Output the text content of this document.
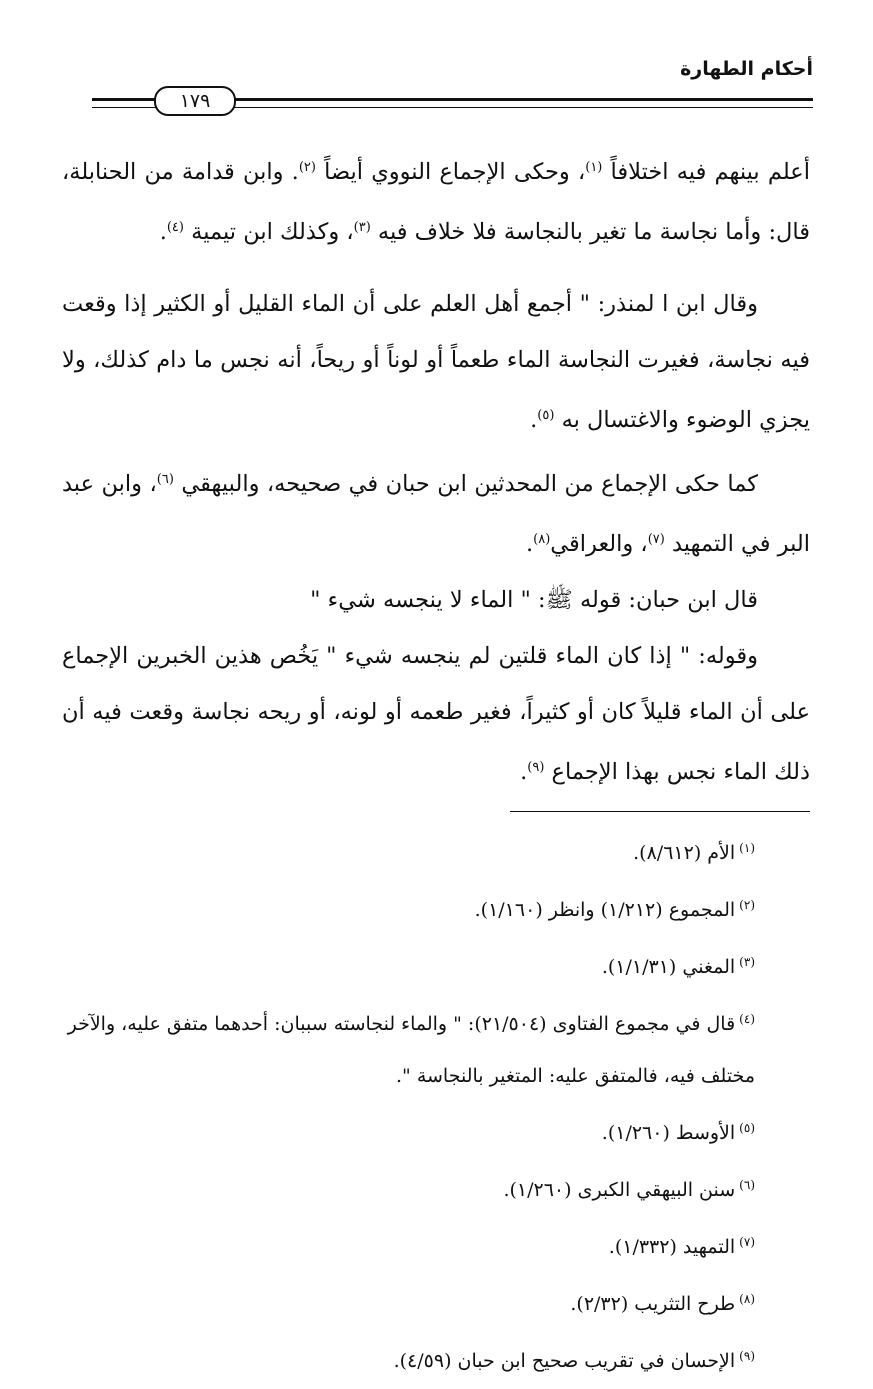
أحكام الطهارة
١٧٩

أعلم بينهم فيه اختلافاً $^{(١)}$، وحكى الإجماع النووي أيضاً $^{(٢)}$. وابن قدامة من الحنابلة، قال: وأما نجاسة ما تغير بالنجاسة فلا خلاف فيه $^{(٣)}$، وكذلك ابن تيمية $^{(٤)}$.

وقال ابن ا لمنذر: " أجمع أهل العلم على أن الماء القليل أو الكثير إذا وقعت فيه نجاسة، فغيرت النجاسة الماء طعماً أو لوناً أو ريحاً، أنه نجس ما دام كذلك، ولا يجزي الوضوء والاغتسال به $^{(٥)}$.

كما حكى الإجماع من المحدثين ابن حبان في صحيحه، والبيهقي $^{(٦)}$، وابن عبد البر في التمهيد $^{(٧)}$، والعراقي$^{(٨)}$.

قال ابن حبان: قوله ﷺ: " الماء لا ينجسه شيء "

وقوله: " إذا كان الماء قلتين لم ينجسه شيء " يَخُص هذين الخبرين الإجماع على أن الماء قليلاً كان أو كثيراً، فغير طعمه أو لونه، أو ريحه نجاسة وقعت فيه أن ذلك الماء نجس بهذا الإجماع $^{(٩)}$.

$^{(١)}$الأم (٨/٦١٢).

$^{(٢)}$المجموع (١/٢١٢) وانظر (١/١٦٠).

$^{(٣)}$المغني (١/١/٣١).

$^{(٤)}$قال في مجموع الفتاوى (٢١/٥٠٤): " والماء لنجاسته سببان: أحدهما متفق عليه، والآخر مختلف فيه، فالمتفق عليه: المتغير بالنجاسة ".

$^{(٥)}$الأوسط (١/٢٦٠).

$^{(٦)}$سنن البيهقي الكبرى (١/٢٦٠).

$^{(٧)}$التمهيد (١/٣٣٢).

$^{(٨)}$طرح التثريب (٢/٣٢).

$^{(٩)}$الإحسان في تقريب صحيح ابن حبان (٤/٥٩).
